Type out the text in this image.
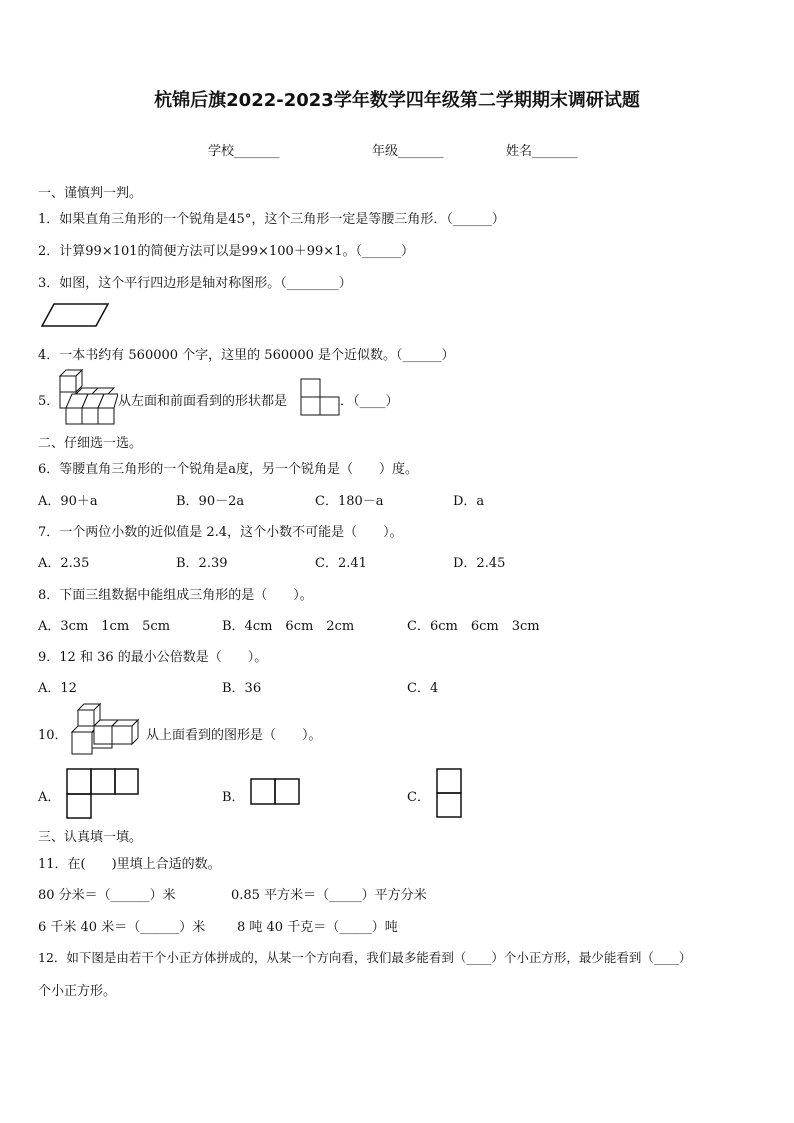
杭锦后旗2022-2023学年数学四年级第二学期期末调研试题
学校_______	年级_______	姓名_______
一、谨慎判一判。
1．如果直角三角形的一个锐角是45°，这个三角形一定是等腰三角形．（______）
2．计算99×101的简便方法可以是99×100＋99×1。（______）
3．如图，这个平行四边形是轴对称图形。（________）
4．一本书约有 560000 个字，这里的 560000 是个近似数。（______）
5．	从左面和前面看到的形状都是	．（____）
二、仔细选一选。
6．等腰直角三角形的一个锐角是a度，另一个锐角是（　　）度。
A．90＋a	B．90－2a	C．180－a	D．a
7．一个两位小数的近似值是 2.4，这个小数不可能是（　　）。
A．2.35	B．2.39	C．2.41	D．2.45
8．下面三组数据中能组成三角形的是（　　）。
A．3cm　1cm　5cm	B．4cm　6cm　2cm	C．6cm　6cm　3cm
9．12 和 36 的最小公倍数是（　　）。
A．12	B．36	C．4
10．	从上面看到的图形是（　　）。
A．	B．	C．
三、认真填一填。
11．在(　　)里填上合适的数。
80 分米＝（______）米	0.85 平方米＝（_____）平方分米
6 千米 40 米＝（______）米 8 吨 40 千克＝（_____）吨
12．如下图是由若干个小正方体拼成的，从某一个方向看，我们最多能看到（____）个小正方形，最少能看到（____）
个小正方形。
